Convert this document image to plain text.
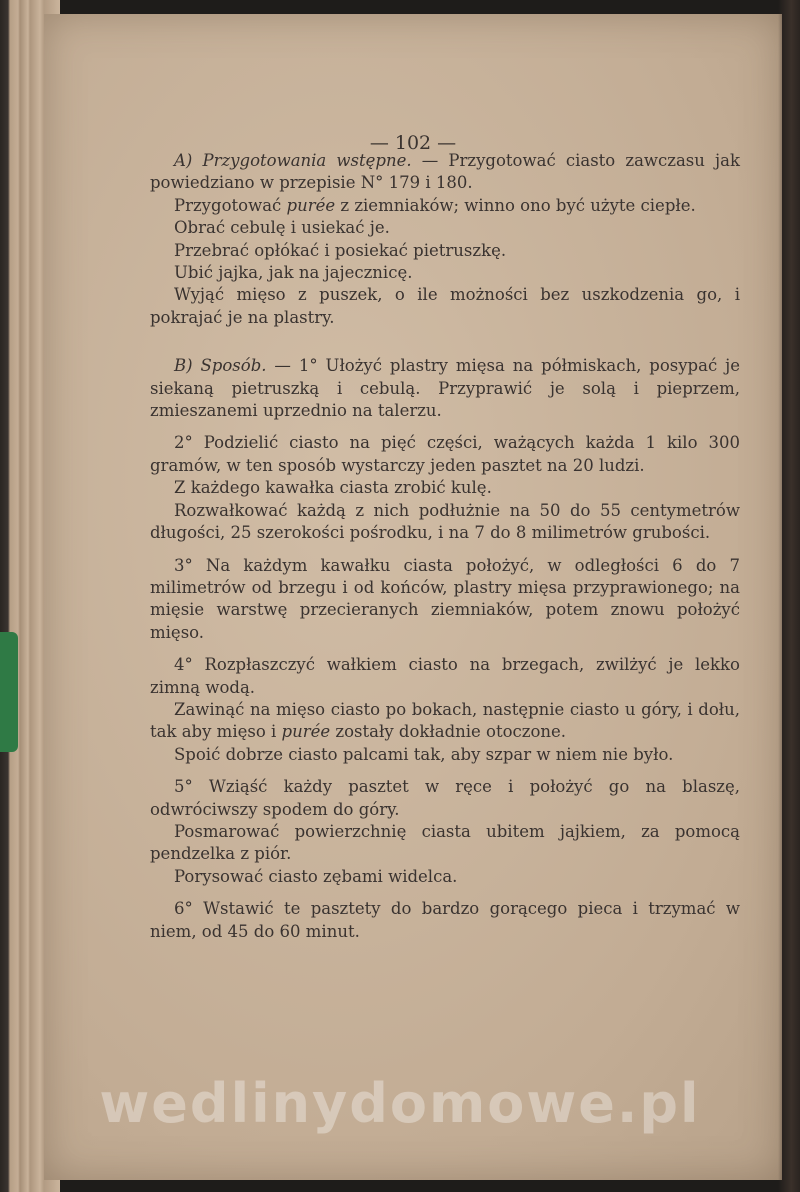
— 102 —

A) Przygotowania wstępne. — Przygotować ciasto zawczasu jak powiedziano w przepisie N° 179 i 180.

Przygotować purée z ziemniaków; winno ono być użyte ciepłe.

Obrać cebulę i usiekać je.

Przebrać opłókać i posiekać pietruszkę.

Ubić jajka, jak na jajecznicę.

Wyjąć mięso z puszek, o ile możności bez uszkodzenia go, i pokrajać je na plastry.

B) Sposób. — 1° Ułożyć plastry mięsa na półmiskach, posypać je siekaną pietruszką i cebulą. Przyprawić je solą i pieprzem, zmieszanemi uprzednio na talerzu.

2° Podzielić ciasto na pięć części, ważących każda 1 kilo 300 gramów, w ten sposób wystarczy jeden pasztet na 20 ludzi.

Z każdego kawałka ciasta zrobić kulę.

Rozwałkować każdą z nich podłużnie na 50 do 55 centymetrów długości, 25 szerokości pośrodku, i na 7 do 8 milimetrów grubości.

3° Na każdym kawałku ciasta położyć, w odległości 6 do 7 milimetrów od brzegu i od końców, plastry mięsa przyprawionego; na mięsie warstwę przecieranych ziemniaków, potem znowu położyć mięso.

4° Rozpłaszczyć wałkiem ciasto na brzegach, zwilżyć je lekko zimną wodą.

Zawinąć na mięso ciasto po bokach, następnie ciasto u góry, i dołu, tak aby mięso i purée zostały dokładnie otoczone.

Spoić dobrze ciasto palcami tak, aby szpar w niem nie było.

5° Wziąść każdy pasztet w ręce i położyć go na blaszę, odwróciwszy spodem do góry.

Posmarować powierzchnię ciasta ubitem jajkiem, za pomocą pendzelka z piór.

Porysować ciasto zębami widelca.

6° Wstawić te pasztety do bardzo gorącego pieca i trzymać w niem, od 45 do 60 minut.

wedlinydomowe.pl
